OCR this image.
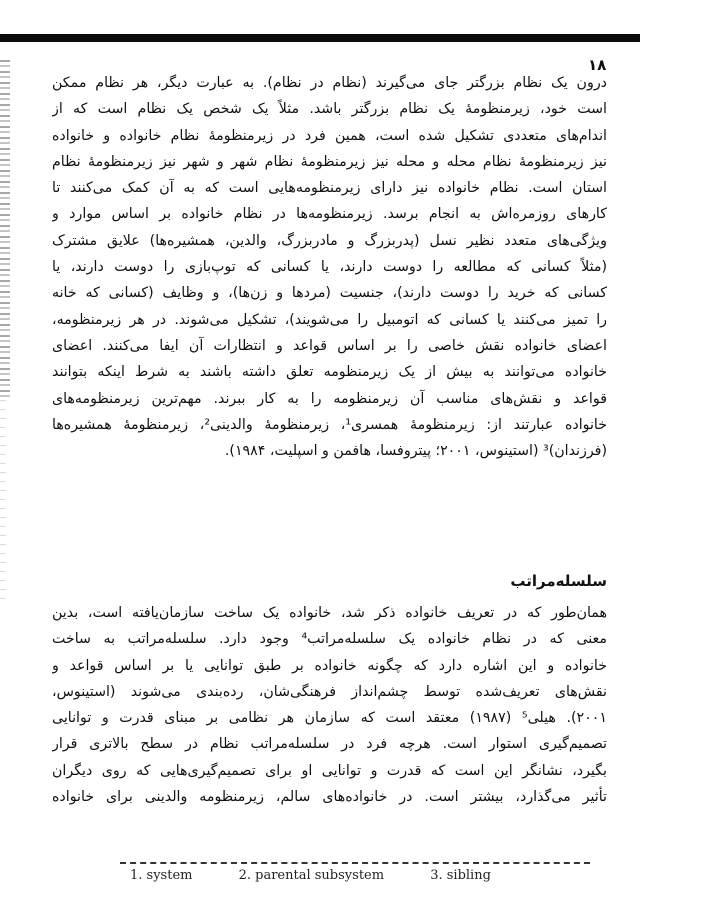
۱۸
درون یک نظام بزرگتر جای می‌گیرند (نظام در نظام). به عبارت دیگر، هر نظام ممکن
است خود، زیرمنظومهٔ یک نظام بزرگتر باشد. مثلاً یک شخص یک نظام است که از
اندام‌های متعددی تشکیل شده است، همین فرد در زیرمنظومهٔ نظام خانواده و خانواده
نیز زیرمنظومهٔ نظام محله و محله نیز زیرمنظومهٔ نظام شهر و شهر نیز زیرمنظومهٔ نظام
استان است. نظام خانواده نیز دارای زیرمنظومه‌هایی است که به آن کمک می‌کنند تا
کارهای روزمره‌اش به انجام برسد. زیرمنظومه‌ها در نظام خانواده بر اساس موارد و
ویژگی‌های متعدد نظیر نسل (پدربزرگ و مادربزرگ، والدین، همشیره‌ها) علایق مشترک
(مثلاً کسانی که مطالعه را دوست دارند، یا کسانی که توپ‌بازی را دوست دارند، یا
کسانی که خرید را دوست دارند)، جنسیت (مردها و زن‌ها)، و وظایف (کسانی که خانه
را تمیز می‌کنند یا کسانی که اتومبیل را می‌شویند)، تشکیل می‌شوند. در هر زیرمنظومه،
اعضای خانواده نقش خاصی را بر اساس قواعد و انتظارات آن ایفا می‌کنند. اعضای
خانواده می‌توانند به بیش از یک زیرمنظومه تعلق داشته باشند به شرط اینکه بتوانند
قواعد و نقش‌های مناسب آن زیرمنظومه را به کار ببرند. مهم‌ترین زیرمنظومه‌های
خانواده عبارتند از: زیرمنظومهٔ همسری¹، زیرمنظومهٔ والدینی²، زیرمنظومهٔ همشیره‌ها
(فرزندان)³ (استینوس، ۲۰۰۱؛ پیتروفسا، هافمن و اسپلیت، ۱۹۸۴).
سلسله‌مراتب
همان‌طور که در تعریف خانواده ذکر شد، خانواده یک ساخت سازمان‌یافته است، بدین
معنی که در نظام خانواده یک سلسله‌مراتب⁴ وجود دارد. سلسله‌مراتب به ساخت
خانواده و این اشاره دارد که چگونه خانواده بر طبق توانایی یا بر اساس قواعد و
نقش‌های تعریف‌شده توسط چشم‌انداز فرهنگی‌شان، رده‌بندی می‌شوند (استینوس،
۲۰۰۱). هیلی⁵ (۱۹۸۷) معتقد است که سازمان هر نظامی بر مبنای قدرت و توانایی
تصمیم‌گیری استوار است. هرچه فرد در سلسله‌مراتب نظام در سطح بالاتری قرار
بگیرد، نشانگر این است که قدرت و توانایی او برای تصمیم‌گیری‌هایی که روی دیگران
تأثیر می‌گذارد، بیشتر است. در خانواده‌های سالم، زیرمنظومه والدینی برای خانواده
1. system	2. parental subsystem	3. sibling
